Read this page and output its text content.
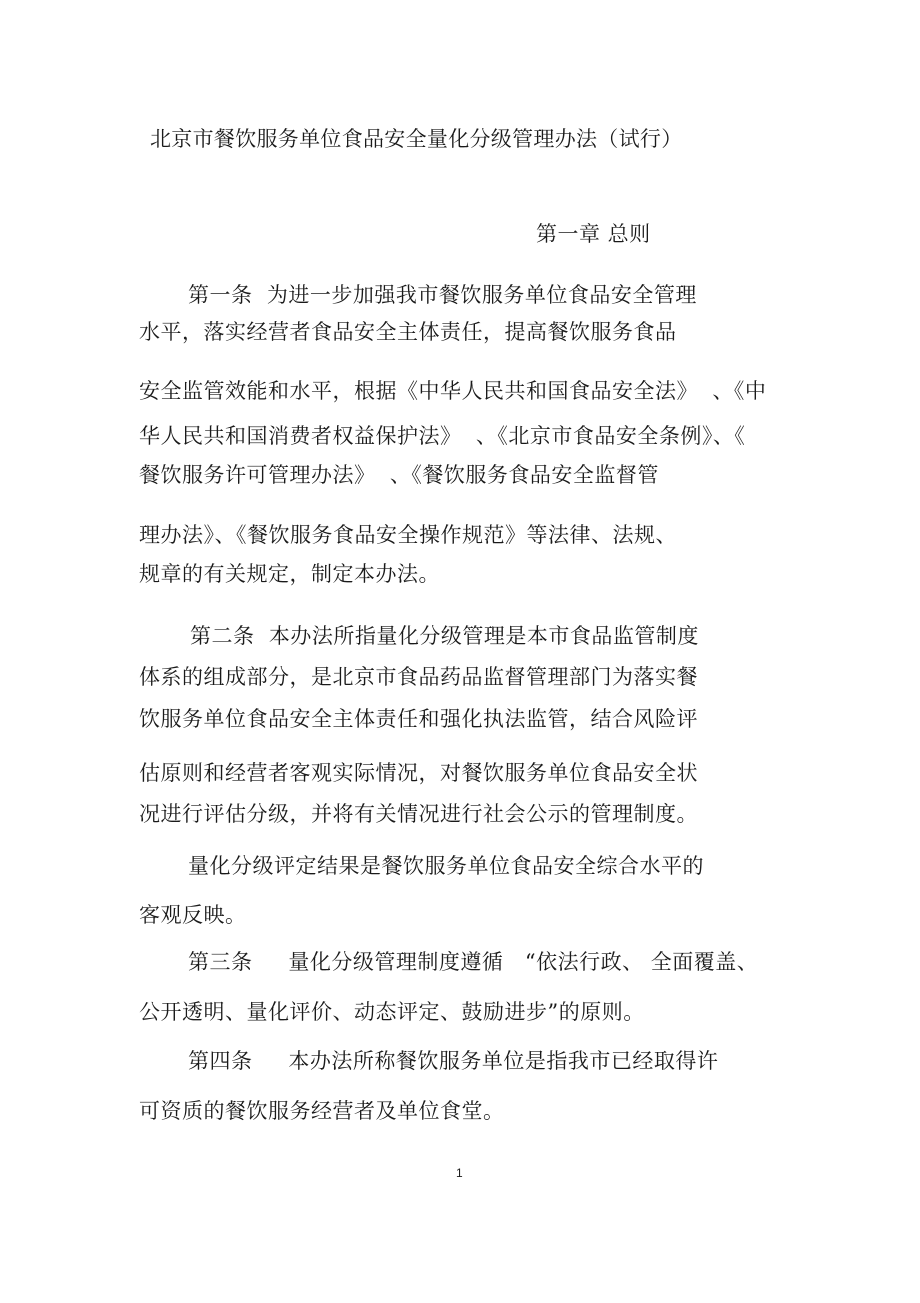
北京市餐饮服务单位食品安全量化分级管理办法（试行）
第一章 总则
第一条  为进一步加强我市餐饮服务单位食品安全管理
水平，落实经营者食品安全主体责任，提高餐饮服务食品
安全监管效能和水平，根据《中华人民共和国食品安全法》  、《中
华人民共和国消费者权益保护法》  、《北京市食品安全条例》、《
餐饮服务许可管理办法》  、《餐饮服务食品安全监督管
理办法》、《餐饮服务食品安全操作规范》等法律、法规、
规章的有关规定，制定本办法。
第二条  本办法所指量化分级管理是本市食品监管制度
体系的组成部分，是北京市食品药品监督管理部门为落实餐
饮服务单位食品安全主体责任和强化执法监管，结合风险评
估原则和经营者客观实际情况，对餐饮服务单位食品安全状
况进行评估分级，并将有关情况进行社会公示的管理制度。
量化分级评定结果是餐饮服务单位食品安全综合水平的
客观反映。
第三条     量化分级管理制度遵循   “依法行政、 全面覆盖、
公开透明、量化评价、动态评定、鼓励进步”的原则。
第四条     本办法所称餐饮服务单位是指我市已经取得许
可资质的餐饮服务经营者及单位食堂。
1
